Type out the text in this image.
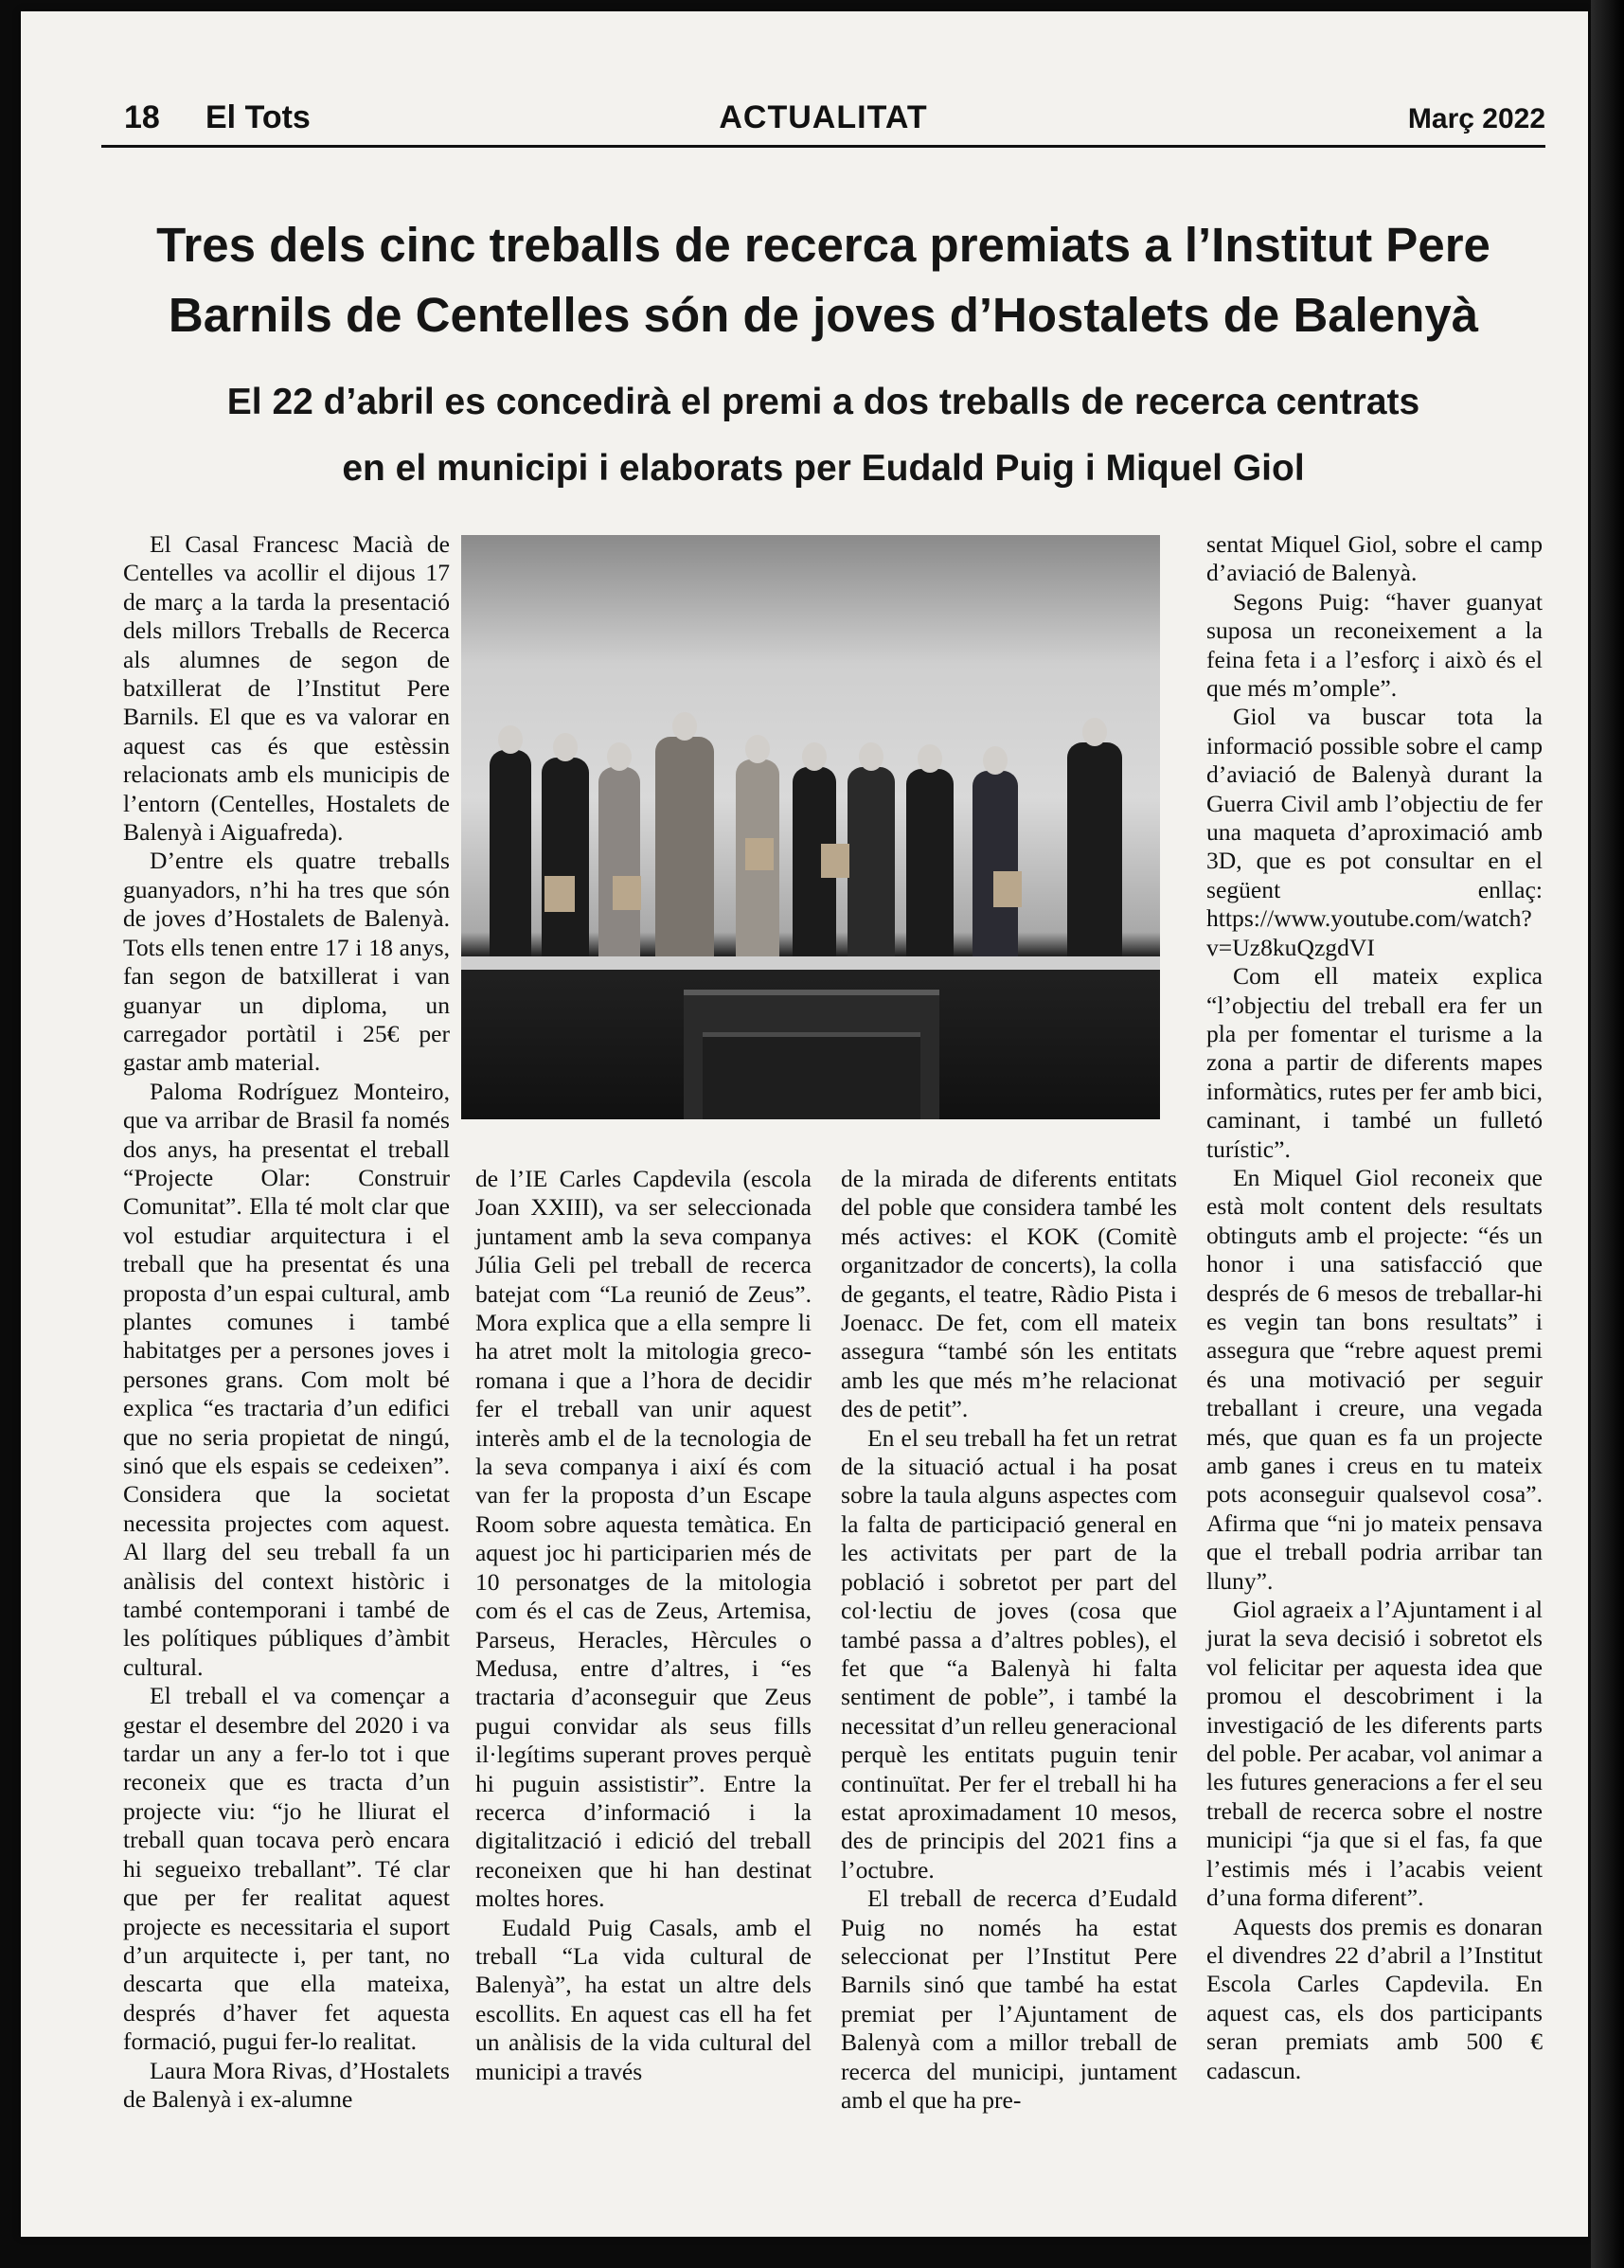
18 El Tots	ACTUALITAT	Març 2022
Tres dels cinc treballs de recerca premiats a l’Institut Pere
Barnils de Centelles són de joves d’Hostalets de Balenyà
El 22 d’abril es concedirà el premi a dos treballs de recerca centrats
en el municipi i elaborats per Eudald Puig i Miquel Giol

El Casal Francesc Macià de Centelles va acollir el dijous 17 de març a la tarda la presentació dels millors Treballs de Recerca als alumnes de segon de batxillerat de l’Institut Pere Barnils. El que es va valorar en aquest cas és que estèssin relacionats amb els municipis de l’entorn (Centelles, Hostalets de Balenyà i Aiguafreda).

D’entre els quatre treballs guanyadors, n’hi ha tres que són de joves d’Hostalets de Balenyà. Tots ells tenen entre 17 i 18 anys, fan segon de batxillerat i van guanyar un diploma, un carregador portàtil i 25€ per gastar amb material.

Paloma Rodríguez Monteiro, que va arribar de Brasil fa només dos anys, ha presentat el treball “Projecte Olar: Construir Comunitat”. Ella té molt clar que vol estudiar arquitectura i el treball que ha presentat és una proposta d’un espai cultural, amb plantes comunes i també habitatges per a persones joves i persones grans. Com molt bé explica “es tractaria d’un edifici que no seria propietat de ningú, sinó que els espais se cedeixen”. Considera que la societat necessita projectes com aquest. Al llarg del seu treball fa un anàlisis del context històric i també contemporani i també de les polítiques públiques d’àmbit cultural.

El treball el va començar a gestar el desembre del 2020 i va tardar un any a fer-lo tot i que reconeix que es tracta d’un projecte viu: “jo he lliurat el treball quan tocava però encara hi segueixo treballant”. Té clar que per fer realitat aquest projecte es necessitaria el suport d’un arquitecte i, per tant, no descarta que ella mateixa, després d’haver fet aquesta formació, pugui fer-lo realitat.

Laura Mora Rivas, d’Hostalets de Balenyà i ex-alumne

de l’IE Carles Capdevila (escola Joan XXIII), va ser seleccionada juntament amb la seva companya Júlia Geli pel treball de recerca batejat com “La reunió de Zeus”. Mora explica que a ella sempre li ha atret molt la mitologia greco-romana i que a l’hora de decidir fer el treball van unir aquest interès amb el de la tecnologia de la seva companya i així és com van fer la proposta d’un Escape Room sobre aquesta temàtica. En aquest joc hi participarien més de 10 personatges de la mitologia com és el cas de Zeus, Artemisa, Parseus, Heracles, Hèrcules o Medusa, entre d’altres, i “es tractaria d’aconseguir que Zeus pugui convidar als seus fills il·legítims superant proves perquè hi puguin assististir”. Entre la recerca d’informació i la digitalització i edició del treball reconeixen que hi han destinat moltes hores.

Eudald Puig Casals, amb el treball “La vida cultural de Balenyà”, ha estat un altre dels escollits. En aquest cas ell ha fet un anàlisis de la vida cultural del municipi a través

de la mirada de diferents entitats del poble que considera també les més actives: el KOK (Comitè organitzador de concerts), la colla de gegants, el teatre, Ràdio Pista i Joenacc. De fet, com ell mateix assegura “també són les entitats amb les que més m’he relacionat des de petit”.

En el seu treball ha fet un retrat de la situació actual i ha posat sobre la taula alguns aspectes com la falta de participació general en les activitats per part de la població i sobretot per part del col·lectiu de joves (cosa que també passa a d’altres pobles), el fet que “a Balenyà hi falta sentiment de poble”, i també la necessitat d’un relleu generacional perquè les entitats puguin tenir continuïtat. Per fer el treball hi ha estat aproximadament 10 mesos, des de principis del 2021 fins a l’octubre.

El treball de recerca d’Eudald Puig no només ha estat seleccionat per l’Institut Pere Barnils sinó que també ha estat premiat per l’Ajuntament de Balenyà com a millor treball de recerca del municipi, juntament amb el que ha pre-

sentat Miquel Giol, sobre el camp d’aviació de Balenyà.

Segons Puig: “haver guanyat suposa un reconeixement a la feina feta i a l’esforç i això és el que més m’omple”.

Giol va buscar tota la informació possible sobre el camp d’aviació de Balenyà durant la Guerra Civil amb l’objectiu de fer una maqueta d’aproximació amb 3D, que es pot consultar en el següent enllaç: https://www.youtube.com/watch?v=Uz8kuQzgdVI

Com ell mateix explica “l’objectiu del treball era fer un pla per fomentar el turisme a la zona a partir de diferents mapes informàtics, rutes per fer amb bici, caminant, i també un fulletó turístic”.

En Miquel Giol reconeix que està molt content dels resultats obtinguts amb el projecte: “és un honor i una satisfacció que després de 6 mesos de treballar-hi es vegin tan bons resultats” i assegura que “rebre aquest premi és una motivació per seguir treballant i creure, una vegada més, que quan es fa un projecte amb ganes i creus en tu mateix pots aconseguir qualsevol cosa”. Afirma que “ni jo mateix pensava que el treball podria arribar tan lluny”.

Giol agraeix a l’Ajuntament i al jurat la seva decisió i sobretot els vol felicitar per aquesta idea que promou el descobriment i la investigació de les diferents parts del poble. Per acabar, vol animar a les futures generacions a fer el seu treball de recerca sobre el nostre municipi “ja que si el fas, fa que l’estimis més i l’acabis veient d’una forma diferent”.

Aquests dos premis es donaran el divendres 22 d’abril a l’Institut Escola Carles Capdevila. En aquest cas, els dos participants seran premiats amb 500 € cadascun.
